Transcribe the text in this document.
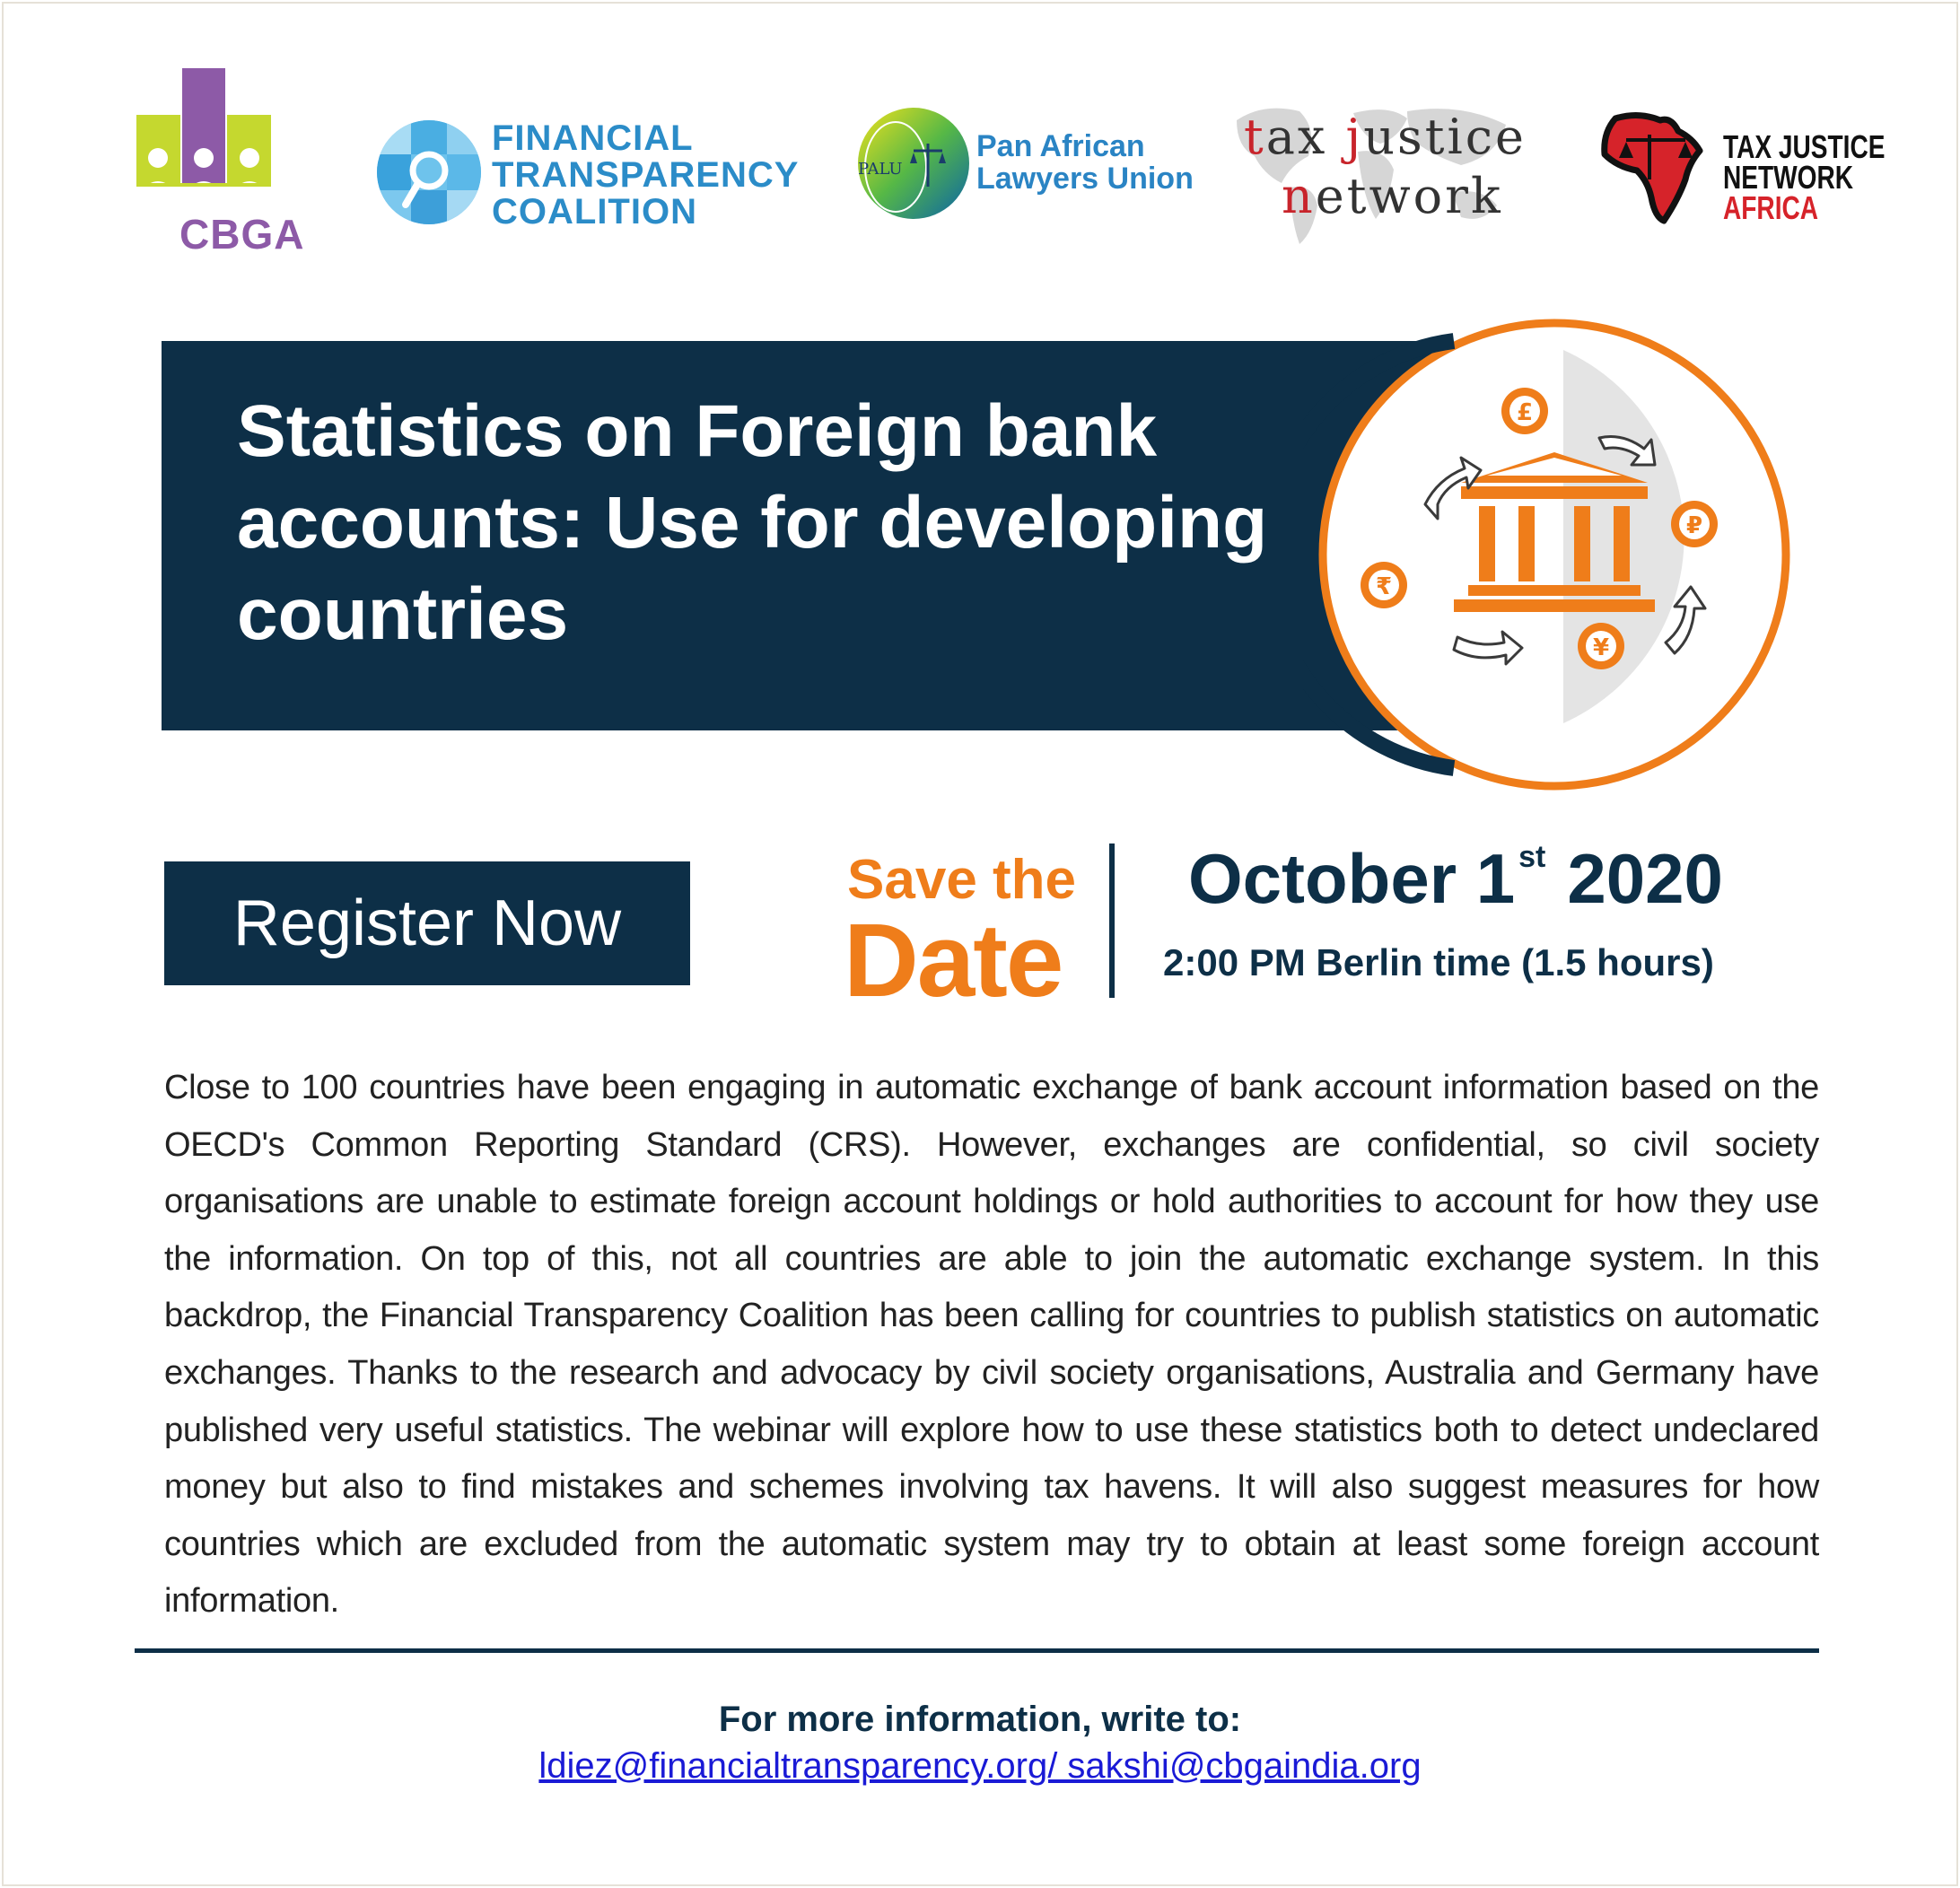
CBGA
FINANCIAL
TRANSPARENCY
COALITION
PALU
Pan African
Lawyers Union
tax justice
network
TAX JUSTICE
NETWORK
AFRICA
Statistics on Foreign bank
accounts: Use for developing
countries
£
₽
₹
¥
Register Now
Save the
Date
October 1 $^{st}$ 2020
2:00 PM Berlin time (1.5 hours)

Close to 100 countries have been engaging in automatic exchange of bank account information based on the OECD's Common Reporting Standard (CRS). However, exchanges are confidential, so civil society organisations are unable to estimate foreign account holdings or hold authorities to account for how they use the information. On top of this, not all countries are able to join the automatic exchange system. In this backdrop, the Financial Transparency Coalition has been calling for countries to publish statistics on automatic exchanges. Thanks to the research and advocacy by civil society organisations, Australia and Germany have published very useful statistics. The webinar will explore how to use these statistics both to detect undeclared money but also to find mistakes and schemes involving tax havens. It will also suggest measures for how countries which are excluded from the automatic system may try to obtain at least some foreign account information.

For more information, write to:
ldiez@financialtransparency.org/ sakshi@cbgaindia.org
